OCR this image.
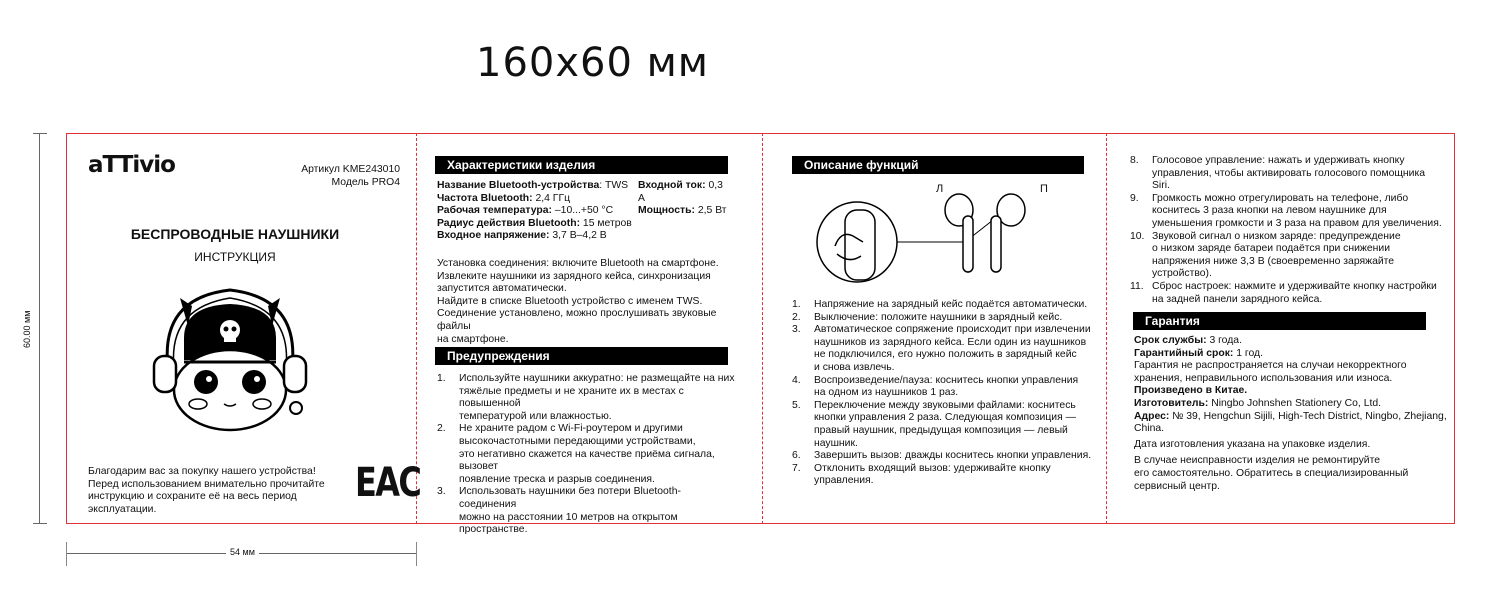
160х60 мм
60.00 мм
54 мм
aTTivio	Артикул KME243010
Модель PRO4
БЕСПРОВОДНЫЕ НАУШНИКИ
ИНСТРУКЦИЯ
Благодарим вас за покупку нашего устройства!
Перед использованием внимательно прочитайте
инструкцию и сохраните её на весь период эксплуатации.
EAC
Характеристики изделия
Название Bluetooth-устройства: TWS
Частота Bluetooth: 2,4 ГГц
Рабочая температура: –10...+50 °С
Радиус действия Bluetooth: 15 метров
Входное напряжение: 3,7 В–4,2 В
Входной ток: 0,3 А
Мощность: 2,5 Вт
Установка соединения: включите Bluetooth на смартфоне.
Извлеките наушники из зарядного кейса, синхронизация
запустится автоматически.
Найдите в списке Bluetooth устройство с именем TWS.
Соединение установлено, можно прослушивать звуковые файлы
на смартфоне.
Предупреждения
1. Используйте наушники аккуратно: не размещайте на них
тяжёлые предметы и не храните их в местах с повышенной
температурой или влажностью.
2. Не храните радом с Wi-Fi-роутером и другими
высокочастотными передающими устройствами,
это негативно скажется на качестве приёма сигнала, вызовет
появление треска и разрыв соединения.
3. Использовать наушники без потери Bluetooth-соединения
можно на расстоянии 10 метров на открытом пространстве.
Описание функций
Л	П
1. Напряжение на зарядный кейс подаётся автоматически.
2. Выключение: положите наушники в зарядный кейс.
3. Автоматическое сопряжение происходит при извлечении
наушников из зарядного кейса. Если один из наушников
не подключился, его нужно положить в зарядный кейс
и снова извлечь.
4. Воспроизведение/пауза: коснитесь кнопки управления
на одном из наушников 1 раз.
5. Переключение между звуковыми файлами: коснитесь
кнопки управления 2 раза. Следующая композиция —
правый наушник, предыдущая композиция — левый
наушник.
6. Завершить вызов: дважды коснитесь кнопки управления.
7. Отклонить входящий вызов: удерживайте кнопку
управления.
8. Голосовое управление: нажать и удерживать кнопку
управления, чтобы активировать голосового помощника Siri.
9. Громкость можно отрегулировать на телефоне, либо
коснитесь 3 раза кнопки на левом наушнике для
уменьшения громкости и 3 раза на правом для увеличения.
10. Звуковой сигнал о низком заряде: предупреждение
о низком заряде батареи подаётся при снижении
напряжения ниже 3,3 В (своевременно заряжайте
устройство).
11. Сброс настроек: нажмите и удерживайте кнопку настройки
на задней панели зарядного кейса.
Гарантия
Срок службы: 3 года.
Гарантийный срок: 1 год.
Гарантия не распространяется на случаи некорректного
хранения, неправильного использования или износа.
Произведено в Китае.
Изготовитель: Ningbo Johnshen Stationery Co, Ltd.
Адрес: № 39, Hengchun Sijili, High-Tech District, Ningbo, Zhejiang,
China.
Дата изготовления указана на упаковке изделия.
В случае неисправности изделия не ремонтируйте
его самостоятельно. Обратитесь в специализированный
сервисный центр.
